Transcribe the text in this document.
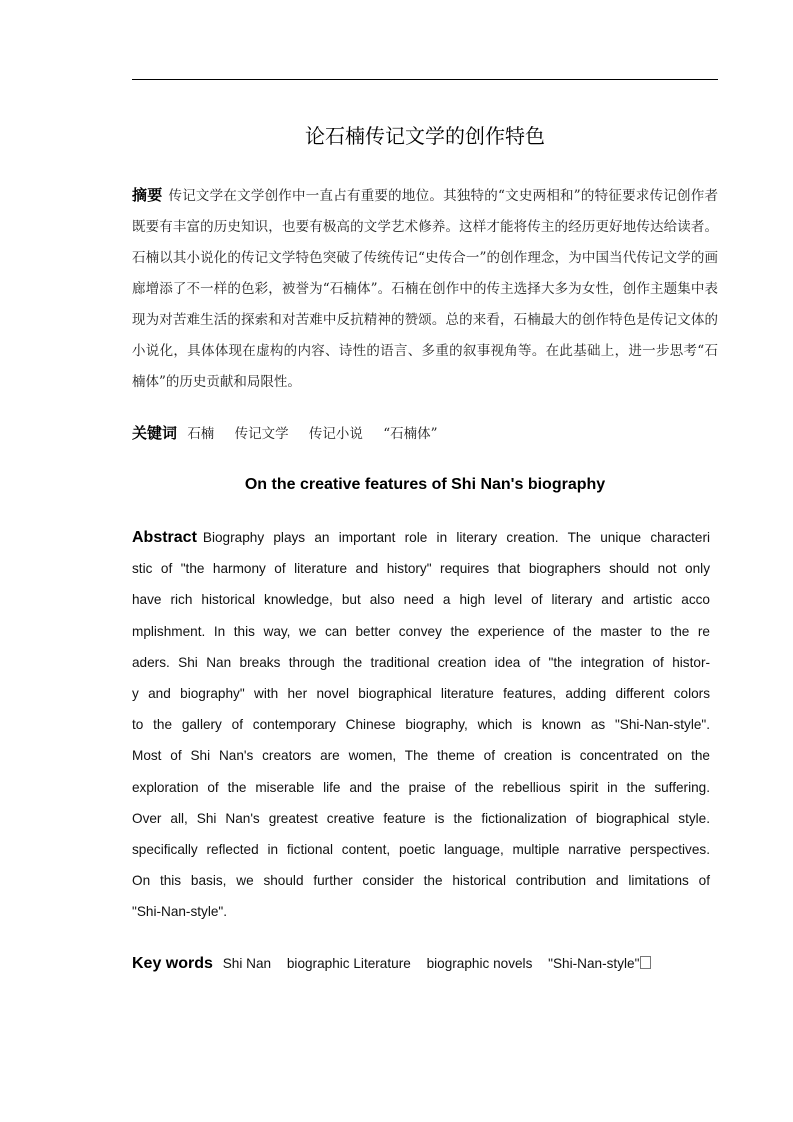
论石楠传记文学的创作特色
摘要 传记文学在文学创作中一直占有重要的地位。其独特的“文史两相和”的特征要求传记创作者既要有丰富的历史知识，也要有极高的文学艺术修养。这样才能将传主的经历更好地传达给读者。石楠以其小说化的传记文学特色突破了传统传记“史传合一”的创作理念，为中国当代传记文学的画廊增添了不一样的色彩，被誉为“石楠体”。石楠在创作中的传主选择大多为女性，创作主题集中表现为对苦难生活的探索和对苦难中反抗精神的赞颂。总的来看，石楠最大的创作特色是传记文体的小说化，具体体现在虚构的内容、诗性的语言、多重的叙事视角等。在此基础上，进一步思考“石楠体”的历史贡献和局限性。
关键词 石楠 传记文学 传记小说 “石楠体”
On the creative features of Shi Nan's biography
Abstract Biography plays an important role in literary creation. The unique characteri stic of "the harmony of literature and history" requires that biographers should not only have rich historical knowledge, but also need a high level of literary and artistic acco mplishment. In this way, we can better convey the experience of the master to the re aders. Shi Nan breaks through the traditional creation idea of "the integration of histor- y and biography" with her novel biographical literature features, adding different colors to the gallery of contemporary Chinese biography, which is known as "Shi-Nan-style". Most of Shi Nan's creators are women, The theme of creation is concentrated on the exploration of the miserable life and the praise of the rebellious spirit in the suffering. Over all, Shi Nan's greatest creative feature is the fictionalization of biographical style. specifically reflected in fictional content, poetic language, multiple narrative perspectives. On this basis, we should further consider the historical contribution and limitations of "Shi-Nan-style".
Key words Shi Nan biographic Literature biographic novels "Shi-Nan-style"
